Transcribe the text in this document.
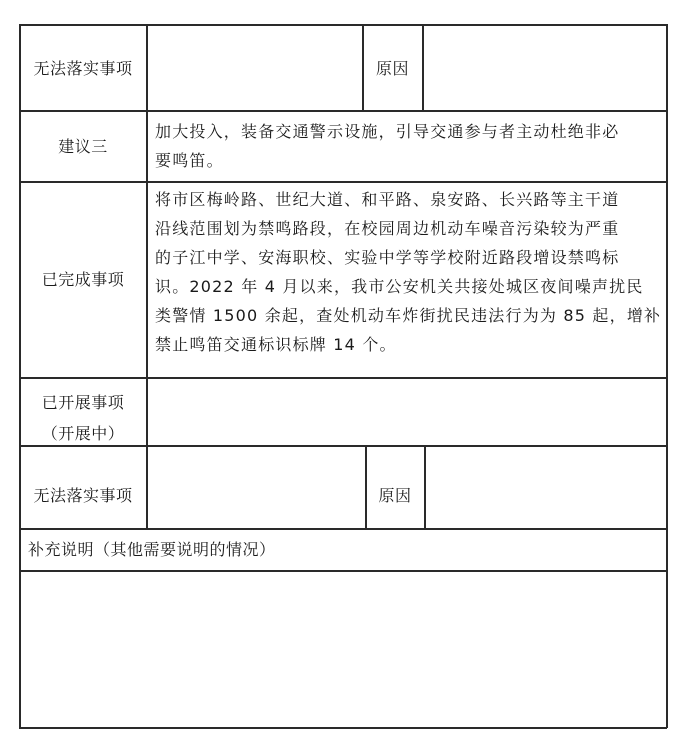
无法落实事项	原因
建议三
加大投入，装备交通警示设施，引导交通参与者主动杜绝非必
要鸣笛。
已完成事项
将市区梅岭路、世纪大道、和平路、泉安路、长兴路等主干道
沿线范围划为禁鸣路段，在校园周边机动车噪音污染较为严重
的子江中学、安海职校、实验中学等学校附近路段增设禁鸣标
识。2022 年 4 月以来，我市公安机关共接处城区夜间噪声扰民
类警情 1500 余起，查处机动车炸街扰民违法行为为 85 起，增补
禁止鸣笛交通标识标牌 14 个。
已开展事项
（开展中）
无法落实事项	原因
补充说明（其他需要说明的情况）
